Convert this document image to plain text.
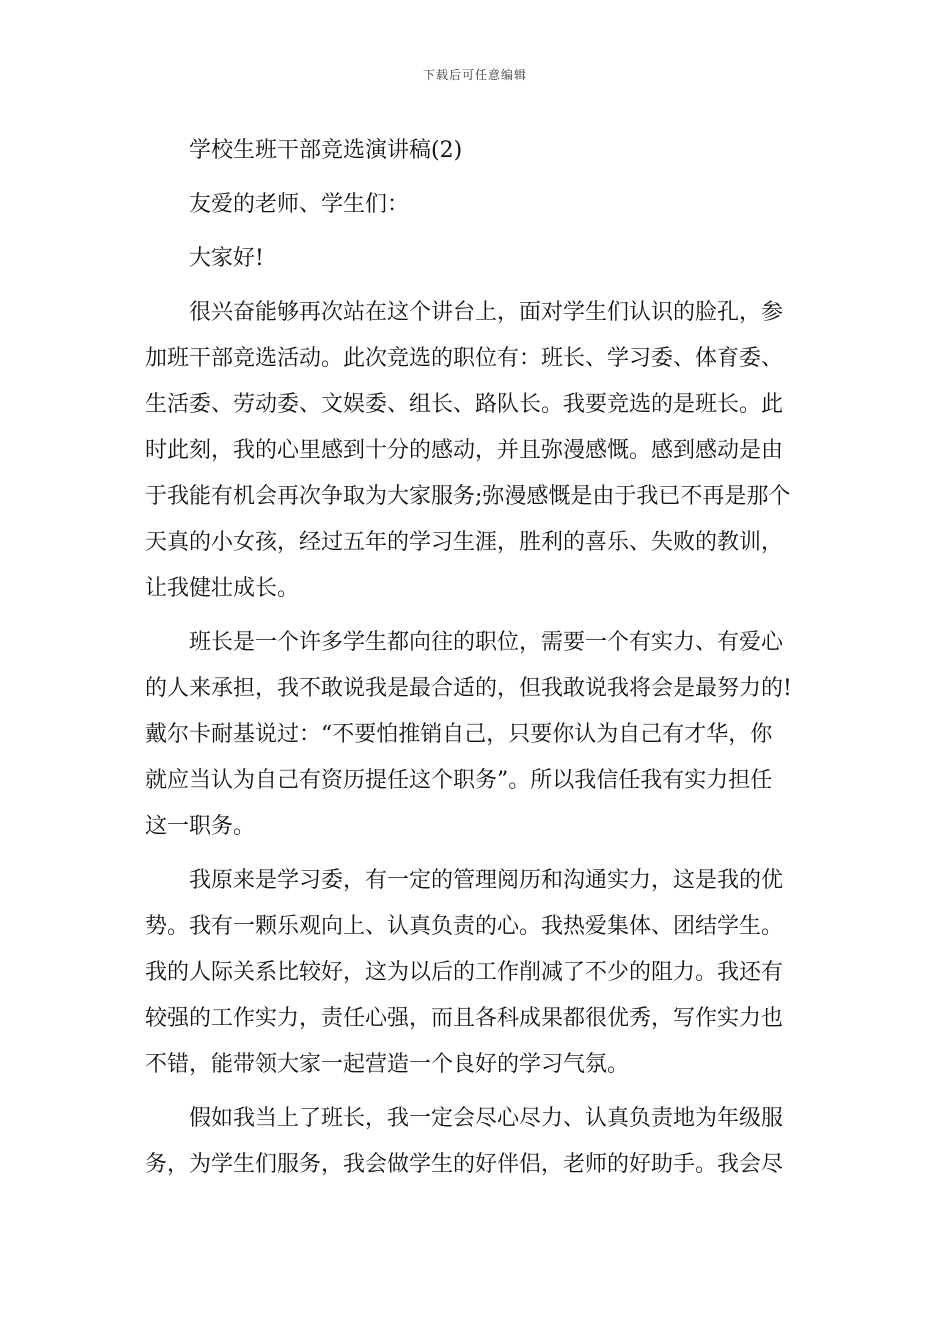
下载后可任意编辑

学校生班干部竞选演讲稿(2)

友爱的老师、学生们：

大家好!

很兴奋能够再次站在这个讲台上，面对学生们认识的脸孔，参

加班干部竞选活动。此次竞选的职位有：班长、学习委、体育委、

生活委、劳动委、文娱委、组长、路队长。我要竞选的是班长。此

时此刻，我的心里感到十分的感动，并且弥漫感慨。感到感动是由

于我能有机会再次争取为大家服务;弥漫感慨是由于我已不再是那个

天真的小女孩，经过五年的学习生涯，胜利的喜乐、失败的教训，

让我健壮成长。

班长是一个许多学生都向往的职位，需要一个有实力、有爱心

的人来承担，我不敢说我是最合适的，但我敢说我将会是最努力的!

戴尔卡耐基说过：“不要怕推销自己，只要你认为自己有才华，你

就应当认为自己有资历提任这个职务”。所以我信任我有实力担任

这一职务。

我原来是学习委，有一定的管理阅历和沟通实力，这是我的优

势。我有一颗乐观向上、认真负责的心。我热爱集体、团结学生。

我的人际关系比较好，这为以后的工作削减了不少的阻力。我还有

较强的工作实力，责任心强，而且各科成果都很优秀，写作实力也

不错，能带领大家一起营造一个良好的学习气氛。

假如我当上了班长，我一定会尽心尽力、认真负责地为年级服

务，为学生们服务，我会做学生的好伴侣，老师的好助手。我会尽
